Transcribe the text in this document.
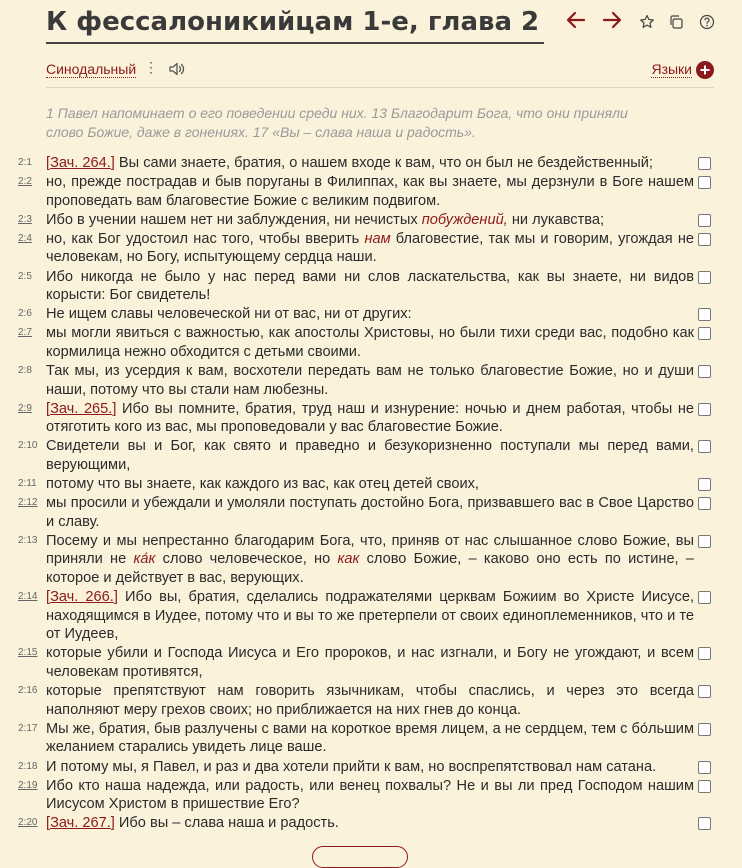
К фессалоникийцам 1-е, глава 2
Синодальный ⋮	Языки
1 Павел напоминает о его поведении среди них. 13 Благодарит Бога, что они приняли слово Божие, даже в гонениях. 17 «Вы – слава наша и радость».
2:1 [Зач. 264.] Вы сами знаете, братия, о нашем входе к вам, что он был не бездейственный;
2:2 но, прежде пострадав и быв поруганы в Филиппах, как вы знаете, мы дерзнули в Боге нашем проповедать вам благовестие Божие с великим подвигом.
2:3 Ибо в учении нашем нет ни заблуждения, ни нечистых побуждений, ни лукавства;
2:4 но, как Бог удостоил нас того, чтобы вверить нам благовестие, так мы и говорим, угождая не человекам, но Богу, испытующему сердца наши.
2:5 Ибо никогда не было у нас перед вами ни слов ласкательства, как вы знаете, ни видов корысти: Бог свидетель!
2:6 Не ищем славы человеческой ни от вас, ни от других:
2:7 мы могли явиться с важностью, как апостолы Христовы, но были тихи среди вас, подобно как кормилица нежно обходится с детьми своими.
2:8 Так мы, из усердия к вам, восхотели передать вам не только благовестие Божие, но и души наши, потому что вы стали нам любезны.
2:9 [Зач. 265.] Ибо вы помните, братия, труд наш и изнурение: ночью и днем работая, чтобы не отяготить кого из вас, мы проповедовали у вас благовестие Божие.
2:10 Свидетели вы и Бог, как свято и праведно и безукоризненно поступали мы перед вами, верующими,
2:11 потому что вы знаете, как каждого из вас, как отец детей своих,
2:12 мы просили и убеждали и умоляли поступать достойно Бога, призвавшего вас в Свое Царство и славу.
2:13 Посему и мы непрестанно благодарим Бога, что, приняв от нас слышанное слово Божие, вы приняли не ка́к слово человеческое, но как слово Божие, – каково оно есть по истине, – которое и действует в вас, верующих.
2:14 [Зач. 266.] Ибо вы, братия, сделались подражателями церквам Божиим во Христе Иисусе, находящимся в Иудее, потому что и вы то же претерпели от своих единоплеменников, что и те от Иудеев,
2:15 которые убили и Господа Иисуса и Его пророков, и нас изгнали, и Богу не угождают, и всем человекам противятся,
2:16 которые препятствуют нам говорить язычникам, чтобы спаслись, и через это всегда наполняют меру грехов своих; но приближается на них гнев до конца.
2:17 Мы же, братия, быв разлучены с вами на короткое время лицем, а не сердцем, тем с бо́льшим желанием старались увидеть лице ваше.
2:18 И потому мы, я Павел, и раз и два хотели прийти к вам, но воспрепятствовал нам сатана.
2:19 Ибо кто наша надежда, или радость, или венец похвалы? Не и вы ли пред Господом нашим Иисусом Христом в пришествие Его?
2:20 [Зач. 267.] Ибо вы – слава наша и радость.
